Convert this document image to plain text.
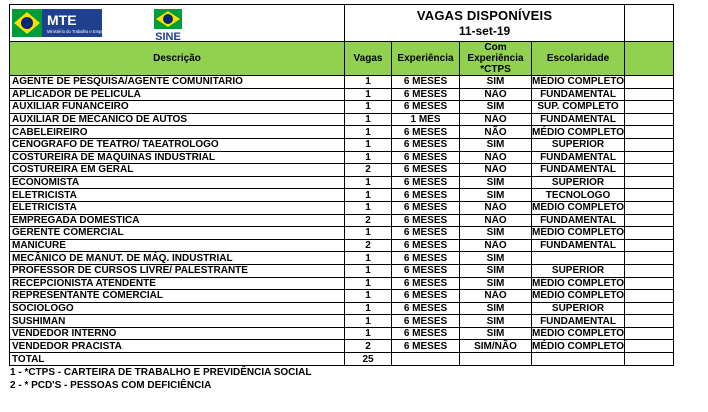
MTE
Ministério do Trabalho e Emprego SINE	VAGAS DISPONÍVEIS
11-set-19				

Descrição	Vagas	Experiência	Com Experiência *CTPS	Escolaridade	
AGENTE DE PESQUISA/AGENTE COMUNITARIO	1	6 MESES	SIM	MÉDIO COMPLETO	
APLICADOR DE PELICULA	1	6 MESES	NÃO	FUNDAMENTAL	
AUXILIAR FUNANCEIRO	1	6 MESES	SIM	SUP. COMPLETO	
AUXILIAR DE MECANICO DE AUTOS	1	1 MÊS	NÃO	FUNDAMENTAL	
CABELEIREIRO	1	6 MESES	NÃO	MÉDIO COMPLETO	
CENOGRAFO DE TEATRO/ TAEATROLOGO	1	6 MESES	SIM	SUPERIOR	
COSTUREIRA DE MAQUINAS INDUSTRIAL	1	6 MESES	NÃO	FUNDAMENTAL	
COSTUREIRA EM GERAL	2	6 MESES	NÃO	FUNDAMENTAL	
ECONOMISTA	1	6 MESES	SIM	SUPERIOR	
ELETRICISTA	1	6 MESES	SIM	TECNOLOGO	
ELETRICISTA	1	6 MESES	NÃO	MÉDIO COMPLETO	
EMPREGADA DOMÉSTICA	2	6 MESES	NÃO	FUNDAMENTAL	
GERENTE COMERCIAL	1	6 MESES	SIM	MÉDIO COMPLETO	
MANICURE	2	6 MESES	NÃO	FUNDAMENTAL	
MECÂNICO DE MANUT. DE MÁQ. INDUSTRIAL	1	6 MESES	SIM		
PROFESSOR DE CURSOS LIVRE/ PALESTRANTE	1	6 MESES	SIM	SUPERIOR	
RECEPCIONISTA ATENDENTE	1	6 MESES	SIM	MÉDIO COMPLETO	
REPRESENTANTE COMERCIAL	1	6 MESES	NÃO	MÉDIO COMPLETO	
SOCIOLOGO	1	6 MESES	SIM	SUPERIOR	
SUSHIMAN	1	6 MESES	SIM	FUNDAMENTAL	
VENDEDOR INTERNO	1	6 MESES	SIM	MÉDIO COMPLETO	
VENDEDOR PRACISTA	2	6 MESES	SIM/NÃO	MÉDIO COMPLETO	
TOTAL	25				
1 - *CTPS - CARTEIRA DE TRABALHO E PREVIDÊNCIA SOCIAL
2 - * PCD'S - PESSOAS COM DEFICIÊNCIA
